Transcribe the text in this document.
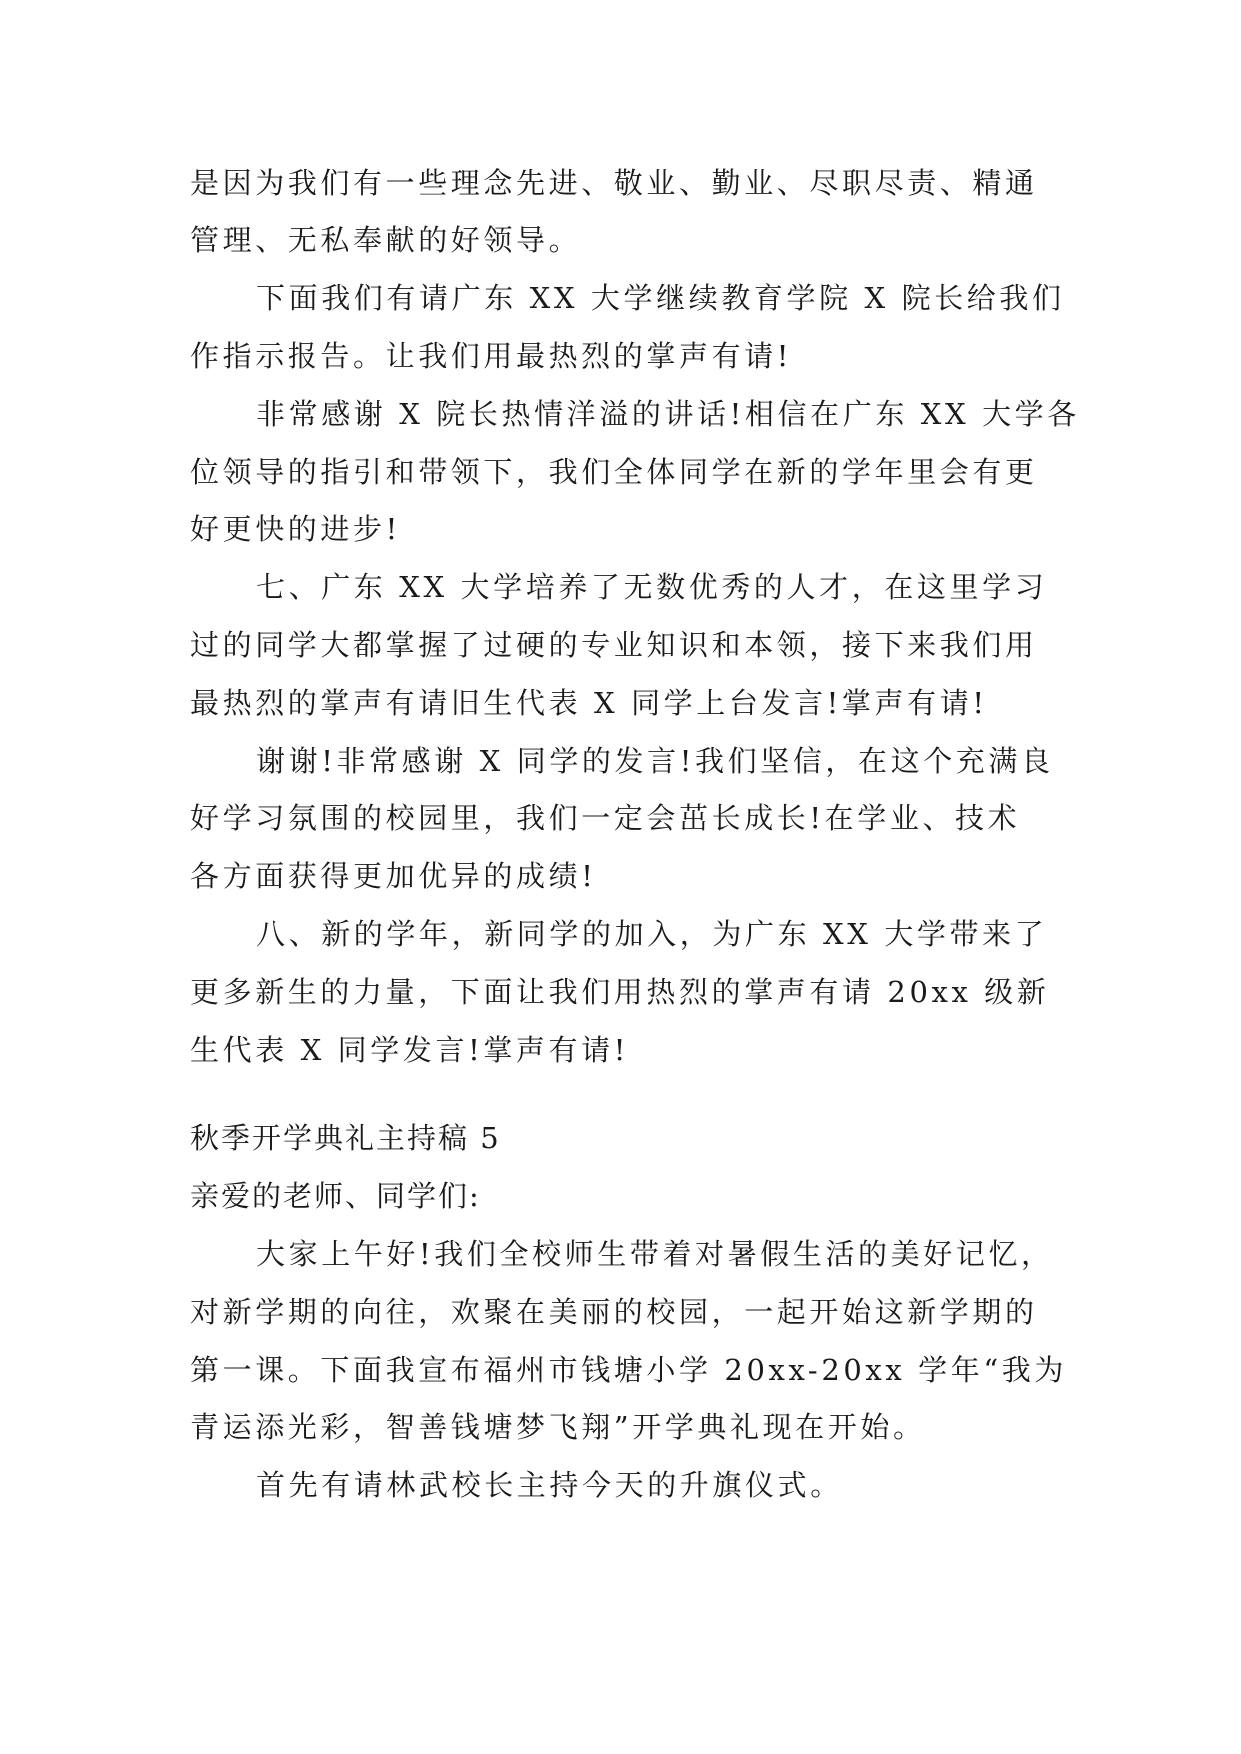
是因为我们有一些理念先进、敬业、勤业、尽职尽责、精通
管理、无私奉献的好领导。
下面我们有请广东 XX 大学继续教育学院 X 院长给我们
作指示报告。让我们用最热烈的掌声有请!
非常感谢 X 院长热情洋溢的讲话!相信在广东 XX 大学各
位领导的指引和带领下，我们全体同学在新的学年里会有更
好更快的进步!
七、广东 XX 大学培养了无数优秀的人才，在这里学习
过的同学大都掌握了过硬的专业知识和本领，接下来我们用
最热烈的掌声有请旧生代表 X 同学上台发言!掌声有请!
谢谢!非常感谢 X 同学的发言!我们坚信，在这个充满良
好学习氛围的校园里，我们一定会茁长成长!在学业、技术
各方面获得更加优异的成绩!
八、新的学年，新同学的加入，为广东 XX 大学带来了
更多新生的力量，下面让我们用热烈的掌声有请 20xx 级新
生代表 X 同学发言!掌声有请!
秋季开学典礼主持稿 5
亲爱的老师、同学们:
大家上午好!我们全校师生带着对暑假生活的美好记忆，
对新学期的向往，欢聚在美丽的校园，一起开始这新学期的
第一课。下面我宣布福州市钱塘小学 20xx-20xx 学年“我为
青运添光彩，智善钱塘梦飞翔”开学典礼现在开始。
首先有请林武校长主持今天的升旗仪式。
